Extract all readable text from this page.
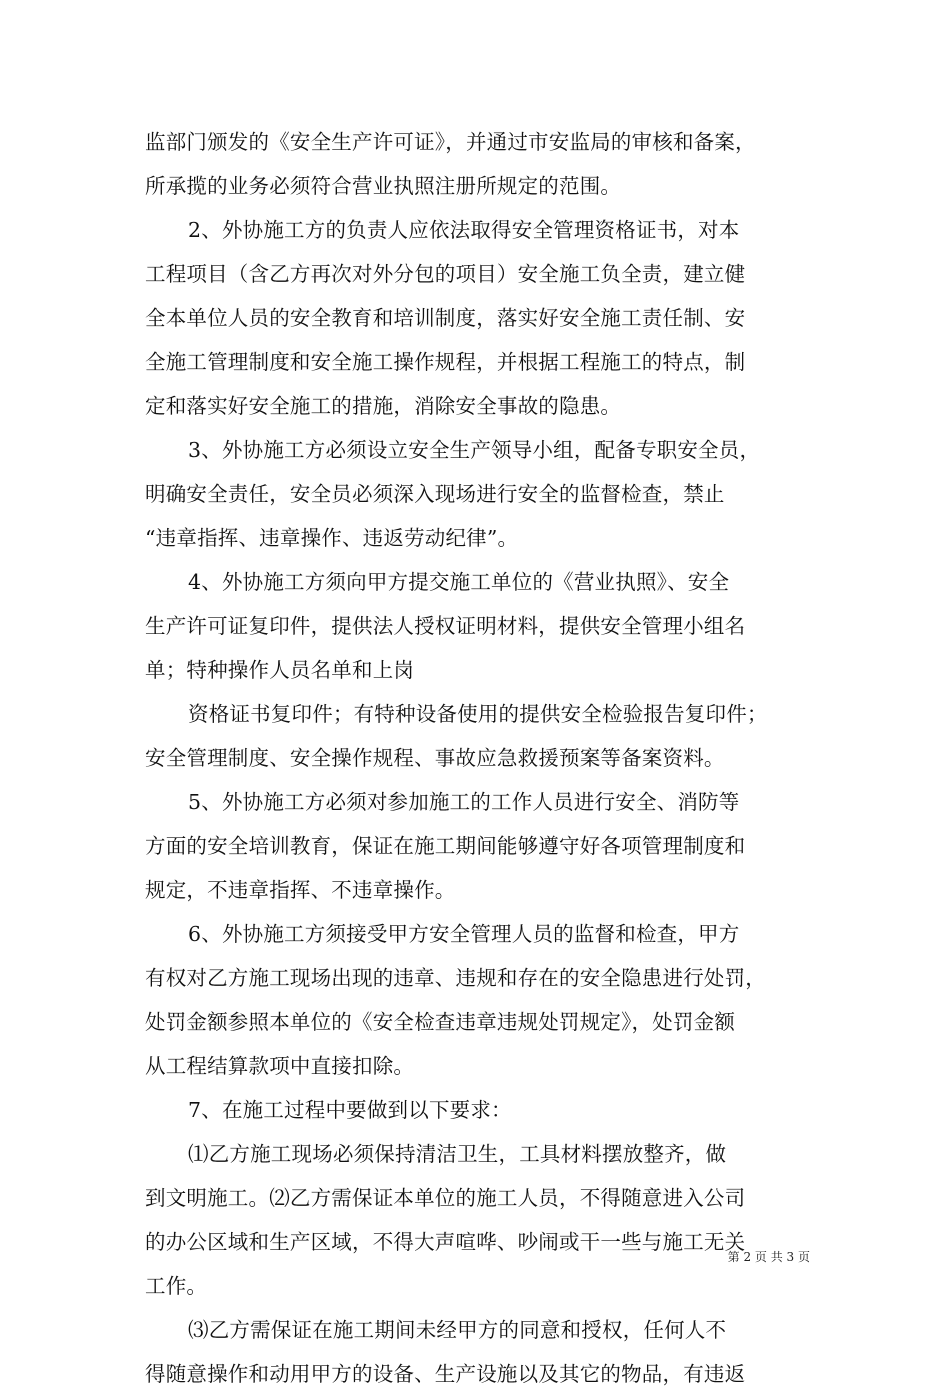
监部门颁发的《安全生产许可证》，并通过市安监局的审核和备案，
所承揽的业务必须符合营业执照注册所规定的范围。
2、外协施工方的负责人应依法取得安全管理资格证书，对本
工程项目（含乙方再次对外分包的项目）安全施工负全责，建立健
全本单位人员的安全教育和培训制度，落实好安全施工责任制、安
全施工管理制度和安全施工操作规程，并根据工程施工的特点，制
定和落实好安全施工的措施，消除安全事故的隐患。
3、外协施工方必须设立安全生产领导小组，配备专职安全员，
明确安全责任，安全员必须深入现场进行安全的监督检查，禁止
“违章指挥、违章操作、违返劳动纪律”。
4、外协施工方须向甲方提交施工单位的《营业执照》、安全
生产许可证复印件，提供法人授权证明材料，提供安全管理小组名
单；特种操作人员名单和上岗
资格证书复印件；有特种设备使用的提供安全检验报告复印件；
安全管理制度、安全操作规程、事故应急救援预案等备案资料。
5、外协施工方必须对参加施工的工作人员进行安全、消防等
方面的安全培训教育，保证在施工期间能够遵守好各项管理制度和
规定，不违章指挥、不违章操作。
6、外协施工方须接受甲方安全管理人员的监督和检查，甲方
有权对乙方施工现场出现的违章、违规和存在的安全隐患进行处罚，
处罚金额参照本单位的《安全检查违章违规处罚规定》，处罚金额
从工程结算款项中直接扣除。
7、在施工过程中要做到以下要求：
⑴乙方施工现场必须保持清洁卫生，工具材料摆放整齐，做
到文明施工。⑵乙方需保证本单位的施工人员，不得随意进入公司
的办公区域和生产区域，不得大声喧哗、吵闹或干一些与施工无关
工作。
⑶乙方需保证在施工期间未经甲方的同意和授权，任何人不
得随意操作和动用甲方的设备、生产设施以及其它的物品，有违返
第 2 页 共 3 页
